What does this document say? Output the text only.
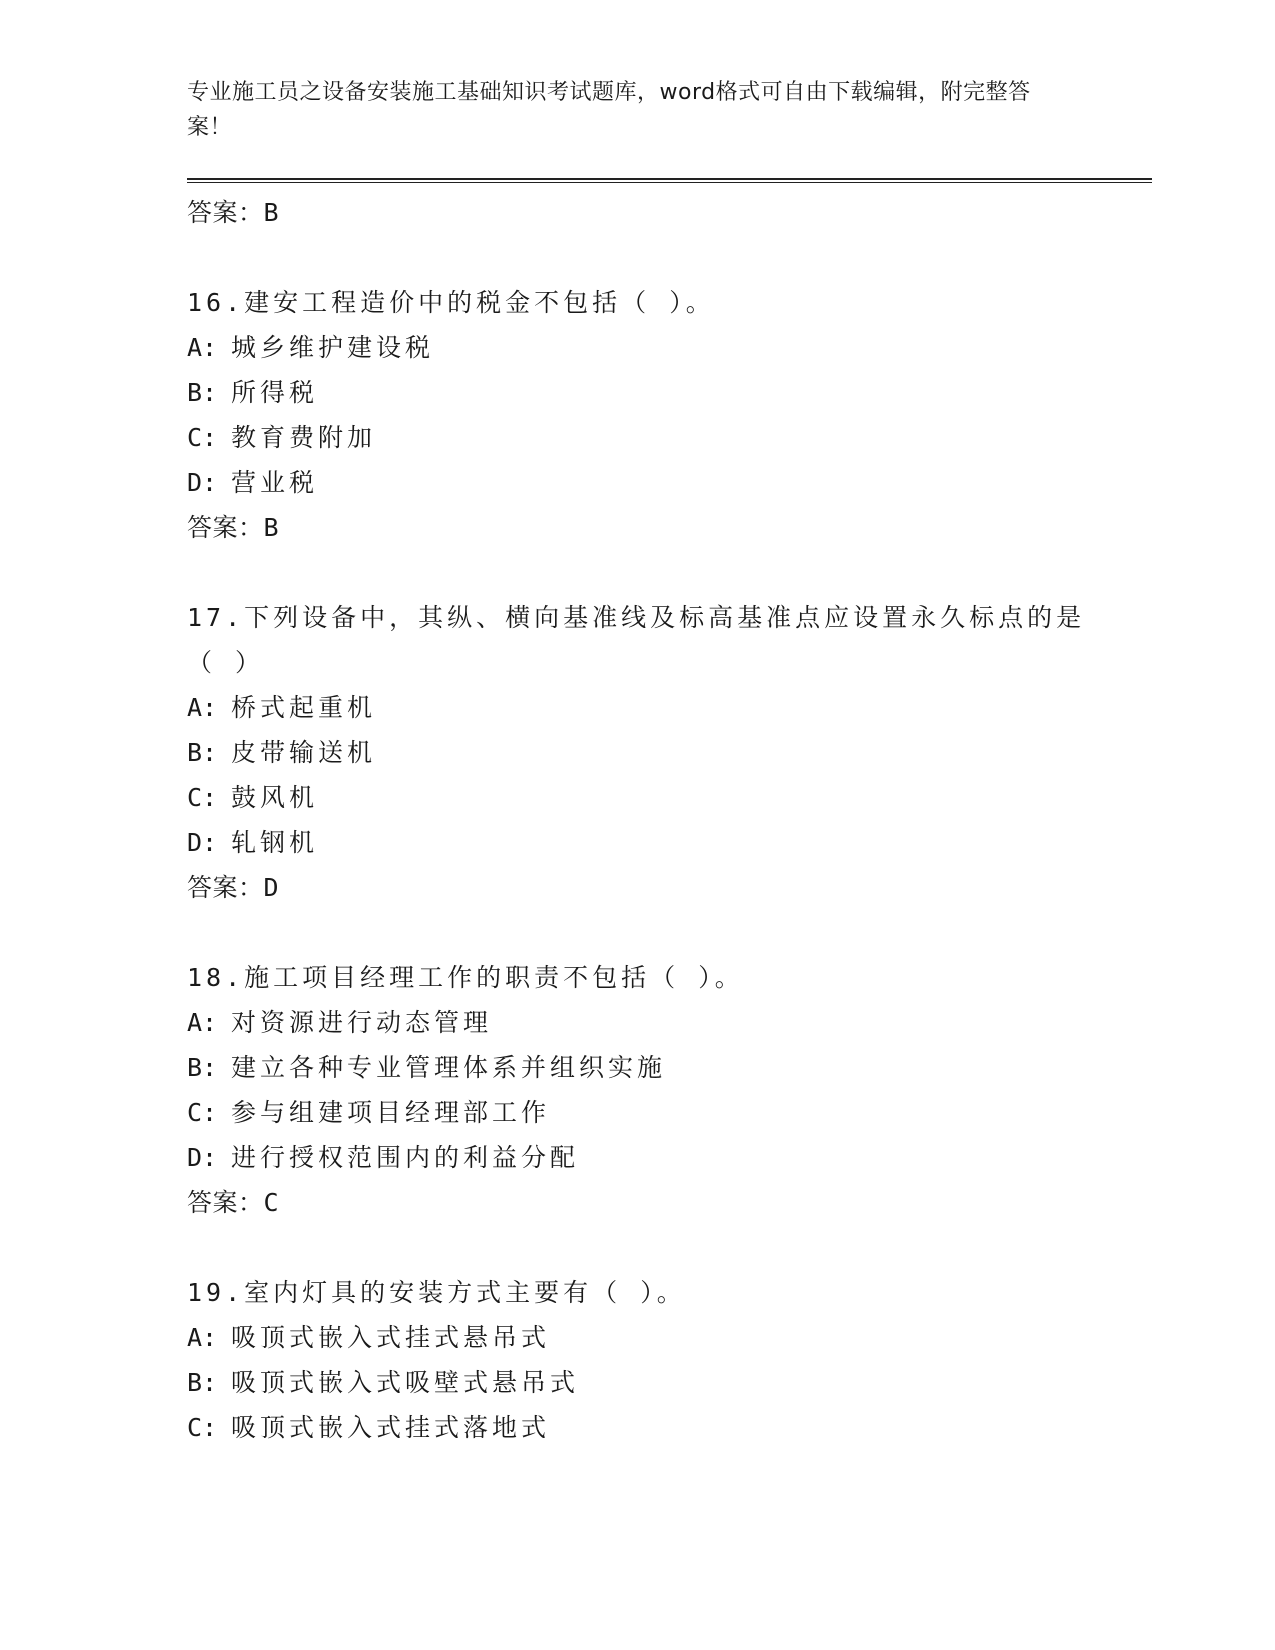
专业施工员之设备安装施工基础知识考试题库，word格式可自由下载编辑，附完整答案！
答案：B
16.建安工程造价中的税金不包括（ ）。
A: 城乡维护建设税
B: 所得税
C: 教育费附加
D: 营业税
答案：B
17.下列设备中，其纵、横向基准线及标高基准点应设置永久标点的是（ ）
A: 桥式起重机
B: 皮带输送机
C: 鼓风机
D: 轧钢机
答案：D
18.施工项目经理工作的职责不包括（ ）。
A: 对资源进行动态管理
B: 建立各种专业管理体系并组织实施
C: 参与组建项目经理部工作
D: 进行授权范围内的利益分配
答案：C
19.室内灯具的安装方式主要有（ ）。
A: 吸顶式嵌入式挂式悬吊式
B: 吸顶式嵌入式吸壁式悬吊式
C: 吸顶式嵌入式挂式落地式
